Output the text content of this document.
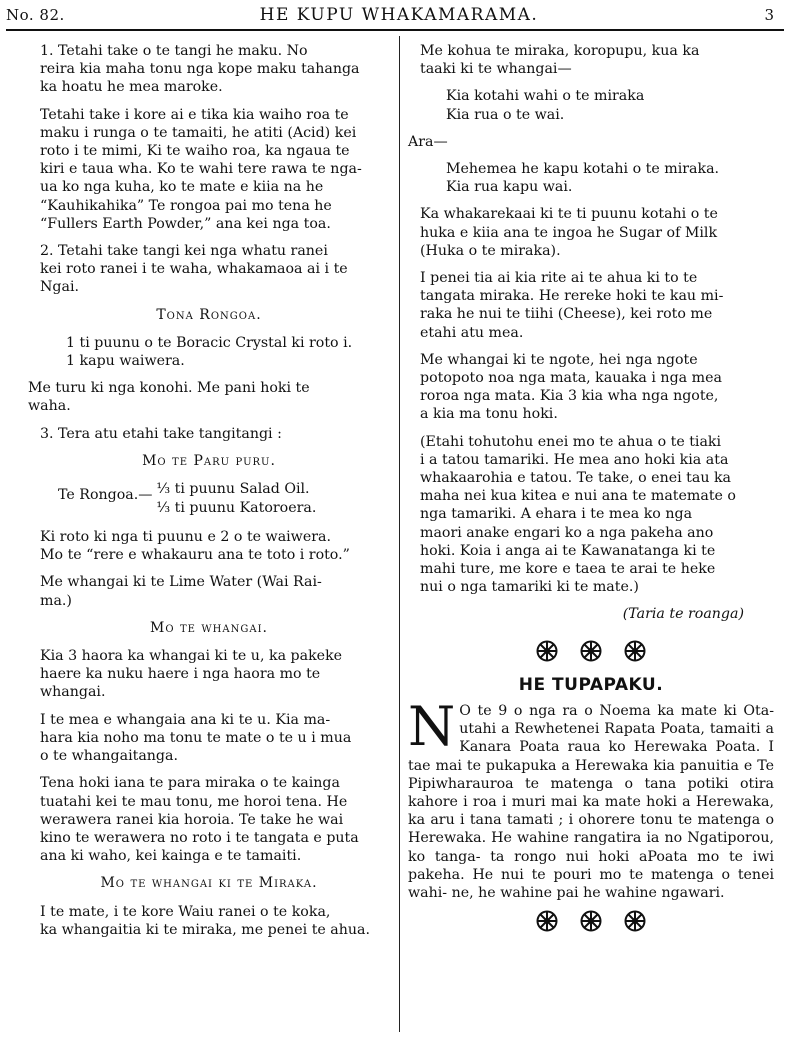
No. 82.	HE KUPU WHAKAMARAMA.	3

1. Tetahi take o te tangi he maku. No
reira kia maha tonu nga kope maku tahanga
ka hoatu he mea maroke.

Tetahi take i kore ai e tika kia waiho roa te
maku i runga o te tamaiti, he atiti (Acid) kei
roto i te mimi, Ki te waiho roa, ka ngaua te
kiri e taua wha. Ko te wahi tere rawa te nga-
ua ko nga kuha, ko te mate e kiia na he
“Kauhikahika” Te rongoa pai mo tena he
“Fullers Earth Powder,” ana kei nga toa.

2. Tetahi take tangi kei nga whatu ranei
kei roto ranei i te waha, whakamaoa ai i te
Ngai.

Tona Rongoa.
1 ti puunu o te Boracic Crystal ki roto i.
1 kapu waiwera.

Me turu ki nga konohi. Me pani hoki te
waha.

3. Tera atu etahi take tangitangi :

Mo te Paru puru.
Te Rongoa.— ⅓ ti puunu Salad Oil.
⅓ ti puunu Katoroera.

Ki roto ki nga ti puunu e 2 o te waiwera.
Mo te “rere e whakauru ana te toto i roto.”

Me whangai ki te Lime Water (Wai Rai-
ma.)

Mo te whangai.

Kia 3 haora ka whangai ki te u, ka pakeke
haere ka nuku haere i nga haora mo te
whangai.

I te mea e whangaia ana ki te u. Kia ma-
hara kia noho ma tonu te mate o te u i mua
o te whangaitanga.

Tena hoki iana te para miraka o te kainga
tuatahi kei te mau tonu, me horoi tena. He
werawera ranei kia horoia. Te take he wai
kino te werawera no roto i te tangata e puta
ana ki waho, kei kainga e te tamaiti.

Mo te whangai ki te Miraka.

I te mate, i te kore Waiu ranei o te koka,
ka whangaitia ki te miraka, me penei te ahua.

Me kohua te miraka, koropupu, kua ka
taaki ki te whangai—

Kia kotahi wahi o te miraka
Kia rua o te wai.

Ara—

Mehemea he kapu kotahi o te miraka.
Kia rua kapu wai.

Ka whakarekaai ki te ti puunu kotahi o te
huka e kiia ana te ingoa he Sugar of Milk
(Huka o te miraka).

I penei tia ai kia rite ai te ahua ki to te
tangata miraka. He rereke hoki te kau mi-
raka he nui te tiihi (Cheese), kei roto me
etahi atu mea.

Me whangai ki te ngote, hei nga ngote
potopoto noa nga mata, kauaka i nga mea
roroa nga mata. Kia 3 kia wha nga ngote,
a kia ma tonu hoki.

(Etahi tohutohu enei mo te ahua o te tiaki
i a tatou tamariki. He mea ano hoki kia ata
whakaarohia e tatou. Te take, o enei tau ka
maha nei kua kitea e nui ana te matemate o
nga tamariki. A ehara i te mea ko nga
maori anake engari ko a nga pakeha ano
hoki. Koia i anga ai te Kawanatanga ki te
mahi ture, me kore e taea te arai te heke
nui o nga tamariki ki te mate.)

(Taria te roanga)
HE TUPAPAKU.
N O te 9 o nga ra o Noema ka mate ki Ota- utahi a Rewhetenei Rapata Poata, tamaiti a Kanara Poata raua ko Herewaka Poata. I tae mai te pukapuka a Herewaka kia panuitia e Te Pipiwharauroa te matenga o tana potiki otira kahore i roa i muri mai ka mate hoki a Herewaka, ka aru i tana tamati ; i ohorere tonu te matenga o Herewaka. He wahine rangatira ia no Ngatiporou, ko tanga- ta rongo nui hoki aPoata mo te iwi pakeha. He nui te pouri mo te matenga o tenei wahi- ne, he wahine pai he wahine ngawari.
